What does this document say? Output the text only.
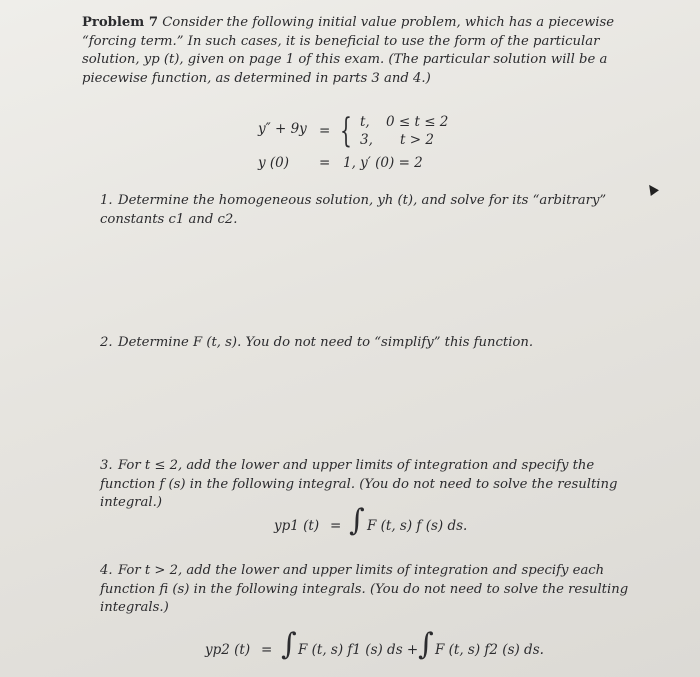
Problem 7 Consider the following initial value problem, which has a piecewise “forcing term.” In such cases, it is beneficial to use the form of the particular solution, yp (t), given on page 1 of this exam. (The particular solution will be a piecewise function, as determined in parts 3 and 4.)
y″ + 9y = { t, 0 ≤ t ≤ 2
3, t > 2
y (0) = 1, y′ (0) = 2
1. Determine the homogeneous solution, yh (t), and solve for its “arbitrary” constants c1 and c2.
2. Determine F (t, s). You do not need to “simplify” this function.
3. For t ≤ 2, add the lower and upper limits of integration and specify the function f (s) in the following integral. (You do not need to solve the resulting integral.)
yp1 (t) = ∫ F (t, s) f (s) ds.
4. For t > 2, add the lower and upper limits of integration and specify each function fi (s) in the following integrals. (You do not need to solve the resulting integrals.)
yp2 (t) = ∫ F (t, s) f1 (s) ds + ∫ F (t, s) f2 (s) ds.
